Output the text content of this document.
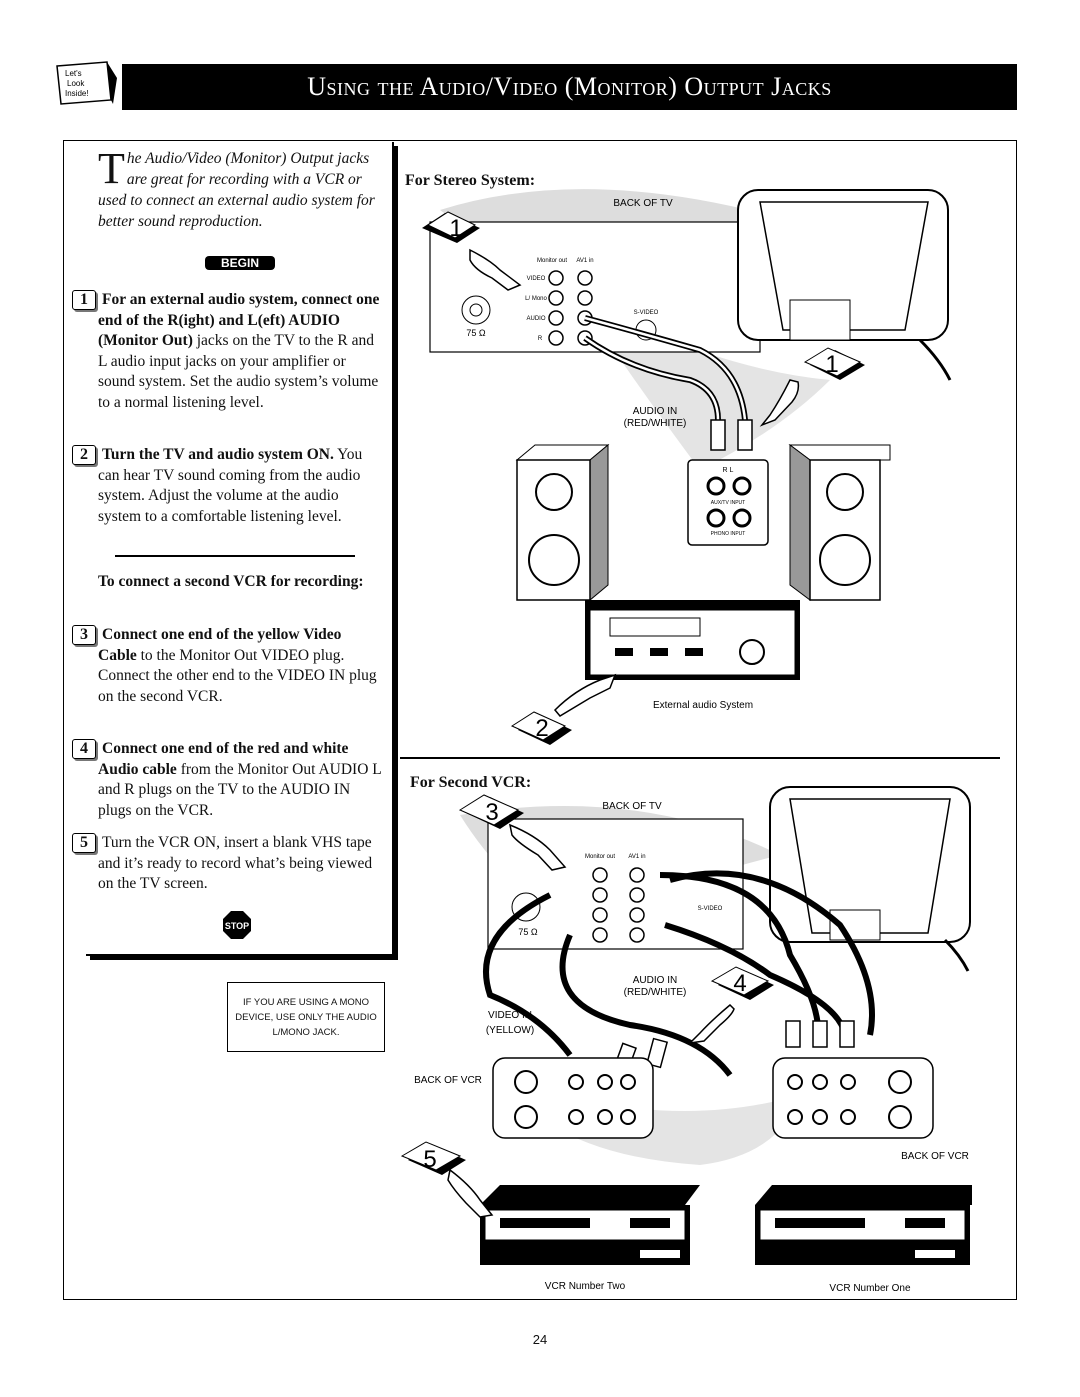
Let's
Look
Inside!	Using the Audio/Video (Monitor) Output Jacks
The Audio/Video (Monitor) Output jacks are great for recording with a VCR or used to connect an external audio system for better sound reproduction.
BEGIN
1 For an external audio system, connect one end of the R(ight) and L(eft) AUDIO (Monitor Out) jacks on the TV to the R and L audio input jacks on your amplifier or sound system. Set the audio system’s volume to a normal listening level.
2 Turn the TV and audio system ON. You can hear TV sound coming from the audio system. Adjust the volume at the audio system to a comfortable listening level.
To connect a second VCR for recording:
3 Connect one end of the yellow Video Cable to the Monitor Out VIDEO plug. Connect the other end to the VIDEO IN plug on the second VCR.
4 Connect one end of the red and white Audio cable from the Monitor Out AUDIO L and R plugs on the TV to the AUDIO IN plugs on the VCR.
5 Turn the VCR ON, insert a blank VHS tape and it’s ready to record what’s being viewed on the TV screen.
STOP
IF YOU ARE USING A MONO DEVICE, USE ONLY THE AUDIO L/MONO JACK.
For Stereo System:
BACK OF TV
Monitor out AV1 in
VIDEO
L/ Mono
AUDIO
R
S-VIDEO
75 Ω
AUDIO IN
(RED/WHITE)
R L
AUX/TV INPUT
PHONO INPUT
External audio System
1
1
2
For Second VCR:
BACK OF TV
Monitor out AV1 in
S-VIDEO
75 Ω
AUDIO IN
(RED/WHITE)
VIDEO IN
(YELLOW)
BACK OF VCR
BACK OF VCR
VCR Number Two	VCR Number One
3
4
5
24
